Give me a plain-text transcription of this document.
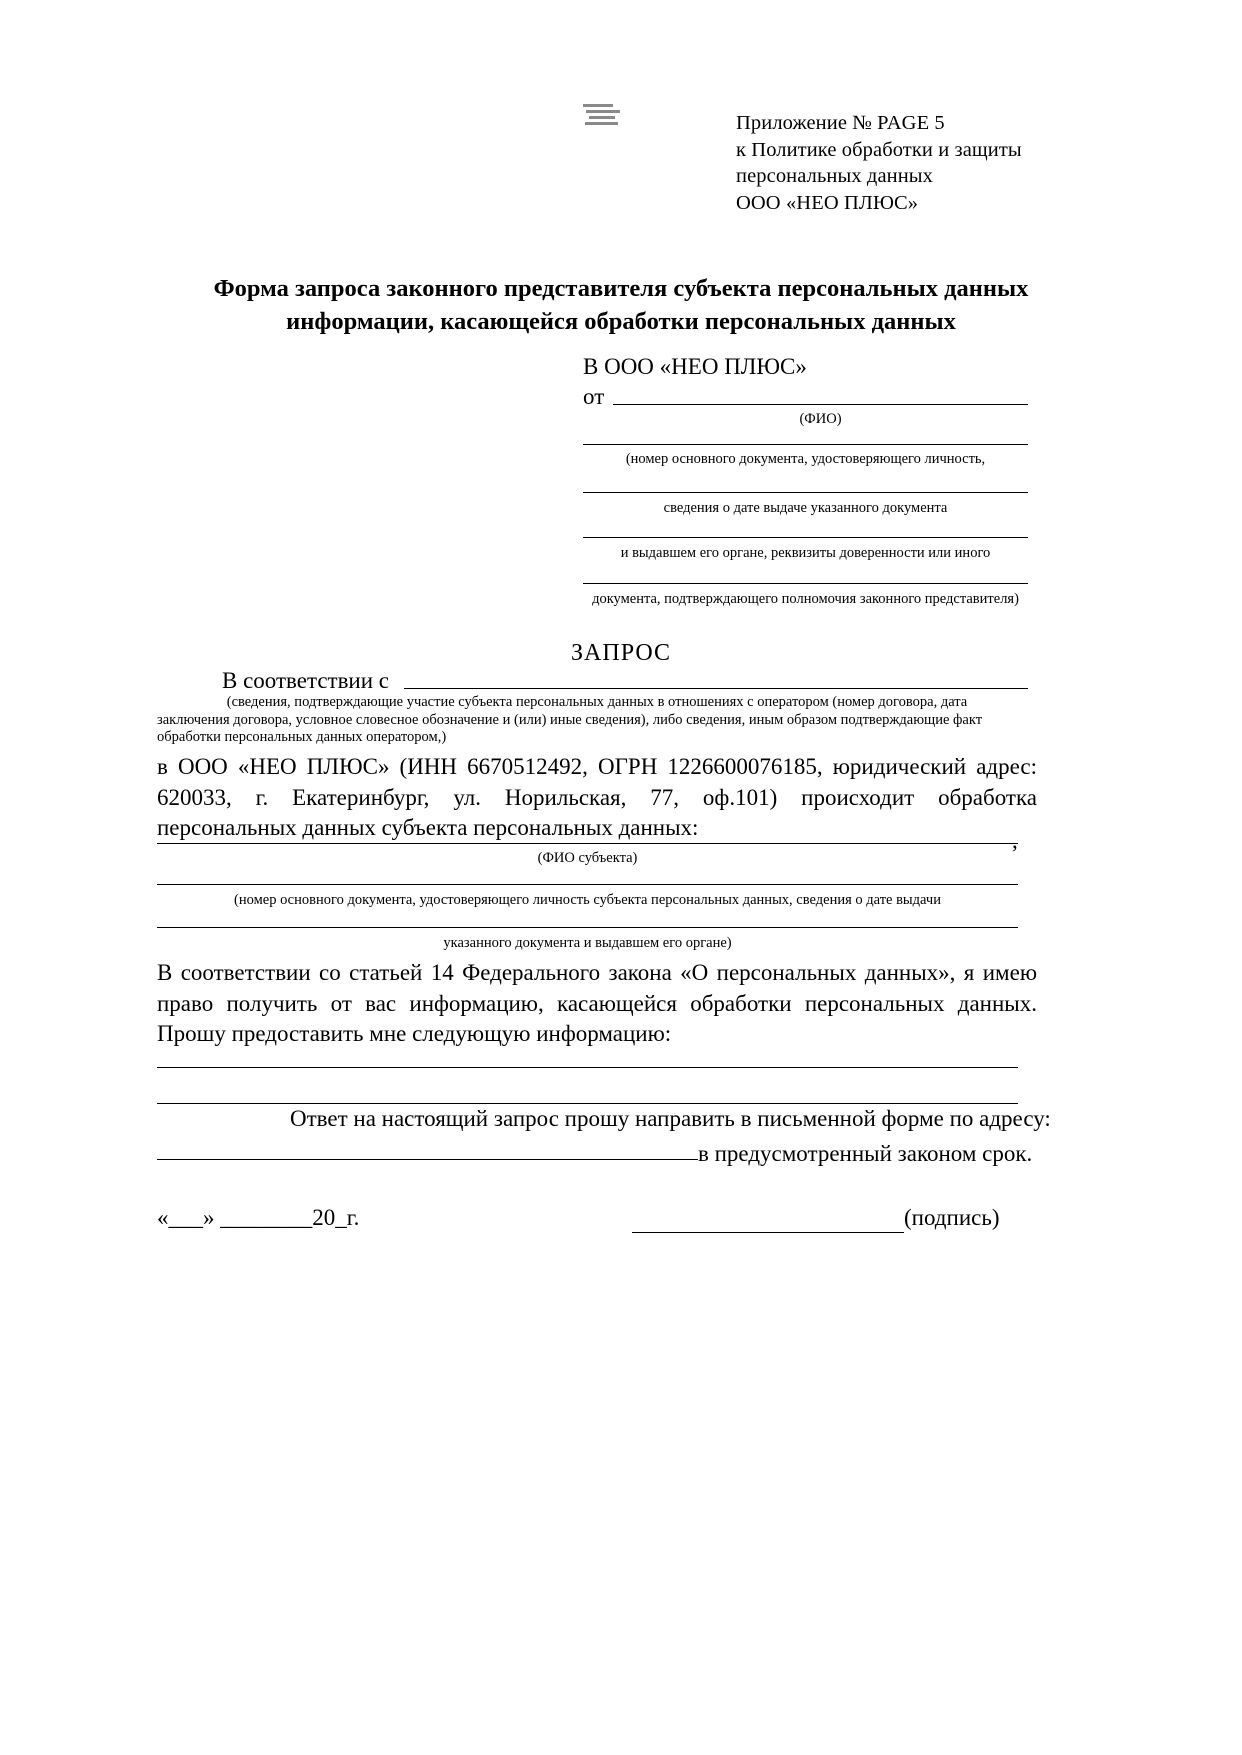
Приложение № PAGE 5
к Политике обработки и защиты
персональных данных
ООО «НЕО ПЛЮС»
Форма запроса законного представителя субъекта персональных данных
информации, касающейся обработки персональных данных
В ООО «НЕО ПЛЮС»
от
(ФИО)
(номер основного документа, удостоверяющего личность,
сведения о дате выдаче указанного документа
и выдавшем его органе, реквизиты доверенности или иного
документа, подтверждающего полномочия законного представителя)
ЗАПРОС
В соответствии с
(сведения, подтверждающие участие субъекта персональных данных в отношениях с оператором (номер договора, дата
заключения договора, условное словесное обозначение и (или) иные сведения), либо сведения, иным образом подтверждающие факт
обработки персональных данных оператором,)
в ООО «НЕО ПЛЮС» (ИНН 6670512492, ОГРН 1226600076185, юридический адрес: 620033, г. Екатеринбург, ул. Норильская, 77, оф.101) происходит обработка персональных данных субъекта персональных данных:
,
(ФИО субъекта)
(номер основного документа, удостоверяющего личность субъекта персональных данных, сведения о дате выдачи
указанного документа и выдавшем его органе)
В соответствии со статьей 14 Федерального закона «О персональных данных», я имею право получить от вас информацию, касающейся обработки персональных данных. Прошу предоставить мне следующую информацию:
Ответ на настоящий запрос прошу направить в письменной форме по адресу:
в предусмотренный законом срок.
«___» ________20_г.	(подпись)
